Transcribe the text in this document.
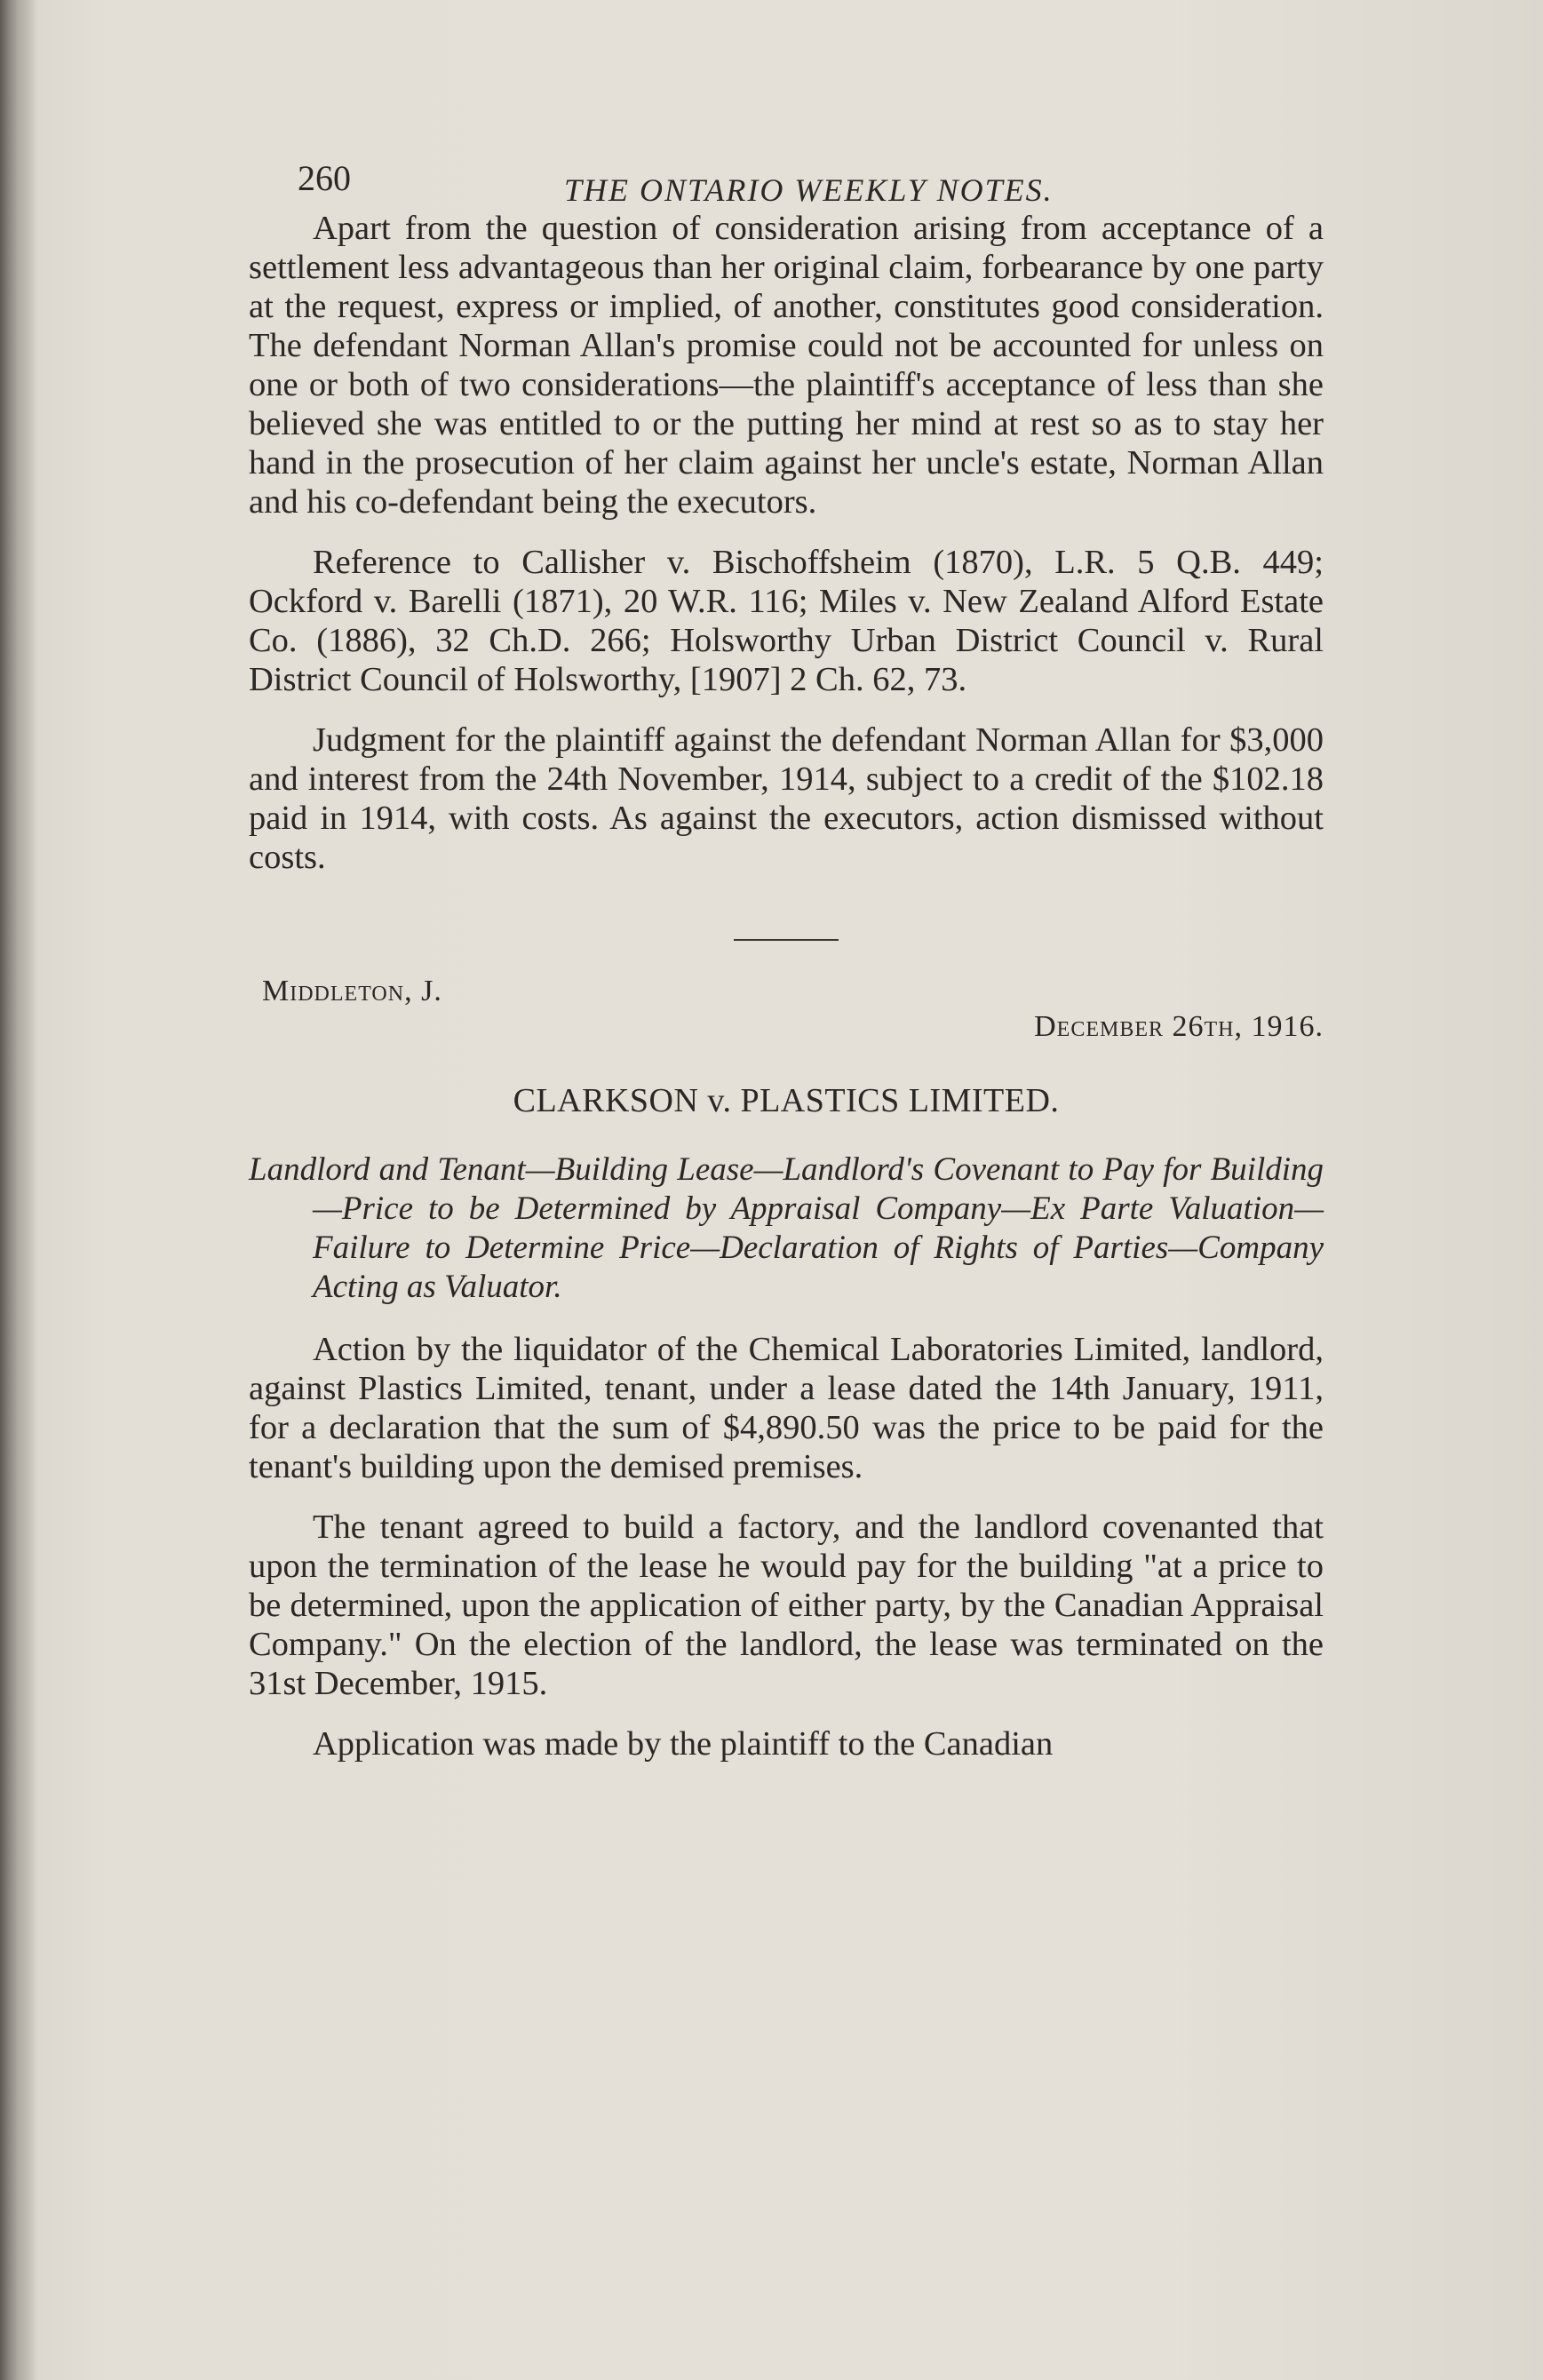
260	THE ONTARIO WEEKLY NOTES.

Apart from the question of consideration arising from acceptance of a settlement less advantageous than her original claim, forbearance by one party at the request, express or implied, of another, constitutes good consideration. The defendant Norman Allan's promise could not be accounted for unless on one or both of two considerations—the plaintiff's acceptance of less than she believed she was entitled to or the putting her mind at rest so as to stay her hand in the prosecution of her claim against her uncle's estate, Norman Allan and his co-defendant being the executors.

Reference to Callisher v. Bischoffsheim (1870), L.R. 5 Q.B. 449; Ockford v. Barelli (1871), 20 W.R. 116; Miles v. New Zealand Alford Estate Co. (1886), 32 Ch.D. 266; Holsworthy Urban District Council v. Rural District Council of Holsworthy, [1907] 2 Ch. 62, 73.

Judgment for the plaintiff against the defendant Norman Allan for $3,000 and interest from the 24th November, 1914, subject to a credit of the $102.18 paid in 1914, with costs. As against the executors, action dismissed without costs.

Middleton, J.
December 26th, 1916.
CLARKSON v. PLASTICS LIMITED.

Landlord and Tenant—Building Lease—Landlord's Covenant to Pay for Building—Price to be Determined by Appraisal Company—Ex Parte Valuation—Failure to Determine Price—Declaration of Rights of Parties—Company Acting as Valuator.

Action by the liquidator of the Chemical Laboratories Limited, landlord, against Plastics Limited, tenant, under a lease dated the 14th January, 1911, for a declaration that the sum of $4,890.50 was the price to be paid for the tenant's building upon the demised premises.

The tenant agreed to build a factory, and the landlord covenanted that upon the termination of the lease he would pay for the building "at a price to be determined, upon the application of either party, by the Canadian Appraisal Company." On the election of the landlord, the lease was terminated on the 31st December, 1915.

Application was made by the plaintiff to the Canadian
